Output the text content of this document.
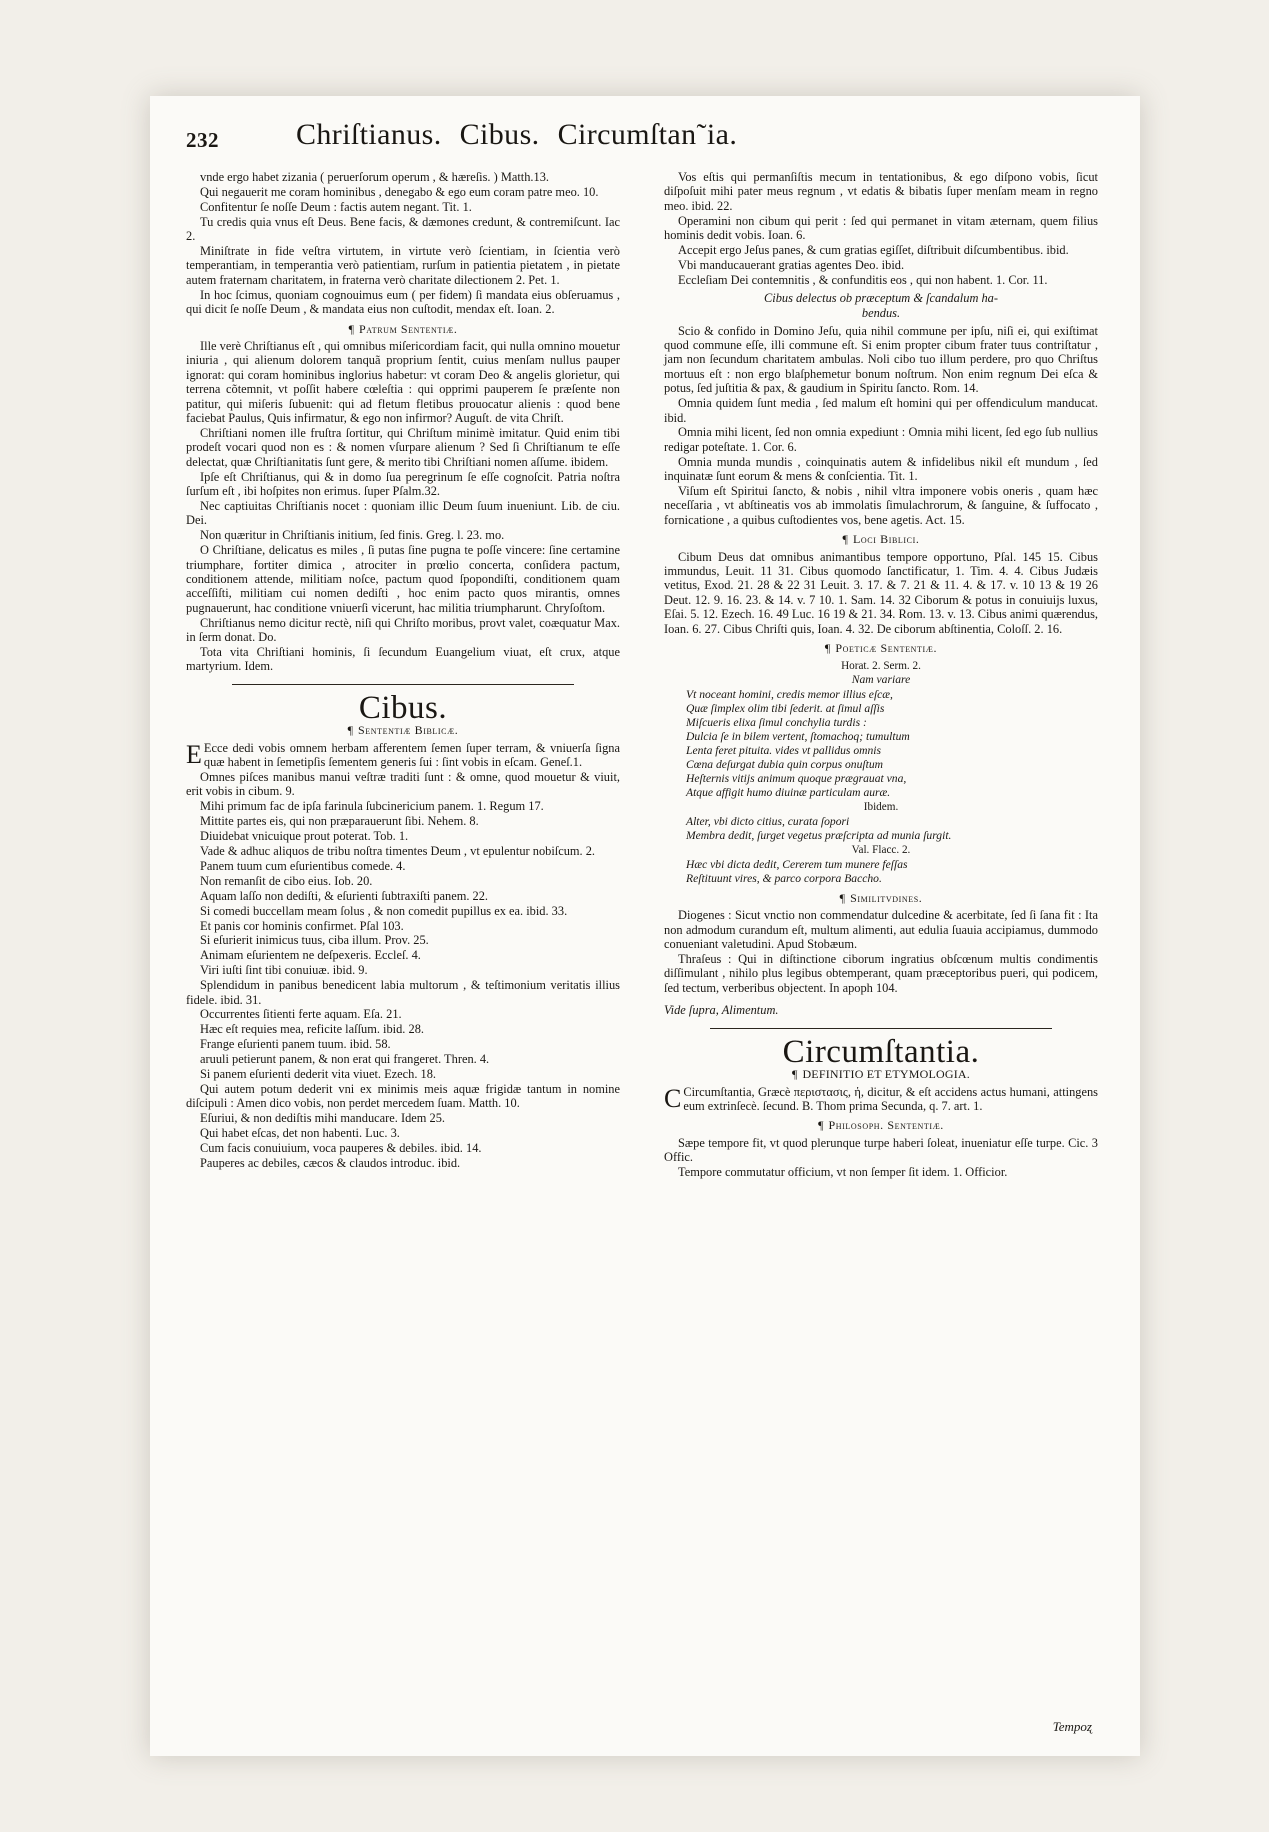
232	Chriſtianus. Cibus. Circumſtan˜ia.

vnde ergo habet zizania ( peruerſorum operum , & hæreſis. ) Matth.13.

Qui negauerit me coram hominibus , denegabo & ego eum coram patre meo. 10.

Confitentur ſe noſſe Deum : factis autem negant. Tit. 1.

Tu credis quia vnus eſt Deus. Bene facis, & dæmones credunt, & contremiſcunt. Iac 2.

Miniſtrate in fide veſtra virtutem, in virtute verò ſcientiam, in ſcientia verò temperantiam, in temperantia verò patientiam, rurſum in patientia pietatem , in pietate autem fraternam charitatem, in fraterna verò charitate dilectionem 2. Pet. 1.

In hoc ſcimus, quoniam cognouimus eum ( per fidem) ſi mandata eius obſeruamus , qui dicit ſe noſſe Deum , & mandata eius non cuſtodit, mendax eſt. Ioan. 2.

¶ Patrum Sententiæ.

Ille verè Chriſtianus eſt , qui omnibus miſericordiam facit, qui nulla omnino mouetur iniuria , qui alienum dolorem tanquã proprium ſentit, cuius menſam nullus pauper ignorat: qui coram hominibus inglorius habetur: vt coram Deo & angelis glorietur, qui terrena cõtemnit, vt poſſit habere cœleſtia : qui opprimi pauperem ſe præſente non patitur, qui miſeris ſubuenit: qui ad fletum fletibus prouocatur alienis : quod bene faciebat Paulus, Quis infirmatur, & ego non infirmor? Auguſt. de vita Chriſt.

Chriſtiani nomen ille fruſtra ſortitur, qui Chriſtum minimè imitatur. Quid enim tibi prodeſt vocari quod non es : & nomen vſurpare alienum ? Sed ſi Chriſtianum te eſſe delectat, quæ Chriſtianitatis ſunt gere, & merito tibi Chriſtiani nomen aſſume. ibidem.

Ipſe eſt Chriſtianus, qui & in domo ſua peregrinum ſe eſſe cognoſcit. Patria noſtra ſurſum eſt , ibi hoſpites non erimus. ſuper Pſalm.32.

Nec captiuitas Chriſtianis nocet : quoniam illic Deum ſuum inueniunt. Lib. de ciu. Dei.

Non quæritur in Chriſtianis initium, ſed finis. Greg. l. 23. mo.

O Chriſtiane, delicatus es miles , ſi putas ſine pugna te poſſe vincere: ſine certamine triumphare, fortiter dimica , atrociter in prœlio concerta, conſidera pactum, conditionem attende, militiam noſce, pactum quod ſpopondiſti, conditionem quam acceſſiſti, militiam cui nomen dediſti , hoc enim pacto quos mirantis, omnes pugnauerunt, hac conditione vniuerſi vicerunt, hac militia triumpharunt. Chryſoſtom.

Chriſtianus nemo dicitur rectè, niſi qui Chriſto moribus, provt valet, coæquatur Max. in ſerm donat. Do.

Tota vita Chriſtiani hominis, ſi ſecundum Euangelium viuat, eſt crux, atque martyrium. Idem.

Cibus.

¶ Sententiæ Biblicæ.

E Ecce dedi vobis omnem herbam afferentem ſemen ſuper terram, & vniuerſa ſigna quæ habent in ſemetipſis ſementem generis ſui : ſint vobis in eſcam. Geneſ.1.

Omnes piſces manibus manui veſtræ traditi ſunt : & omne, quod mouetur & viuit, erit vobis in cibum. 9.

Mihi primum fac de ipſa farinula ſubcinericium panem. 1. Regum 17.

Mittite partes eis, qui non præparauerunt ſibi. Nehem. 8.

Diuidebat vnicuique prout poterat. Tob. 1.

Vade & adhuc aliquos de tribu noſtra timentes Deum , vt epulentur nobiſcum. 2.

Panem tuum cum eſurientibus comede. 4.

Non remanſit de cibo eius. Iob. 20.

Aquam laſſo non dediſti, & eſurienti ſubtraxiſti panem. 22.

Si comedi buccellam meam ſolus , & non comedit pupillus ex ea. ibid. 33.

Et panis cor hominis confirmet. Pſal 103.

Si eſurierit inimicus tuus, ciba illum. Prov. 25.

Animam eſurientem ne deſpexeris. Eccleſ. 4.

Viri iuſti ſint tibi conuiuæ. ibid. 9.

Splendidum in panibus benedicent labia multorum , & teſtimonium veritatis illius fidele. ibid. 31.

Occurrentes ſitienti ferte aquam. Eſa. 21.

Hæc eſt requies mea, reficite laſſum. ibid. 28.

Frange eſurienti panem tuum. ibid. 58.

aruuli petierunt panem, & non erat qui frangeret. Thren. 4.

Si panem eſurienti dederit vita viuet. Ezech. 18.

Qui autem potum dederit vni ex minimis meis aquæ frigidæ tantum in nomine diſcipuli : Amen dico vobis, non perdet mercedem ſuam. Matth. 10.

Eſuriui, & non dediſtis mihi manducare. Idem 25.

Qui habet eſcas, det non habenti. Luc. 3.

Cum facis conuiuium, voca pauperes & debiles. ibid. 14.

Pauperes ac debiles, cæcos & claudos introduc. ibid.

Vos eſtis qui permanſiſtis mecum in tentationibus, & ego diſpono vobis, ſicut diſpoſuit mihi pater meus regnum , vt edatis & bibatis ſuper menſam meam in regno meo. ibid. 22.

Operamini non cibum qui perit : ſed qui permanet in vitam æternam, quem filius hominis dedit vobis. Ioan. 6.

Accepit ergo Jeſus panes, & cum gratias egiſſet, diſtribuit diſcumbentibus. ibid.

Vbi manducauerant gratias agentes Deo. ibid.

Eccleſiam Dei contemnitis , & confunditis eos , qui non habent. 1. Cor. 11.

Cibus delectus ob præceptum & ſcandalum ha-

bendus.

Scio & confido in Domino Jeſu, quia nihil commune per ipſu, niſi ei, qui exiſtimat quod commune eſſe, illi commune eſt. Si enim propter cibum frater tuus contriſtatur , jam non ſecundum charitatem ambulas. Noli cibo tuo illum perdere, pro quo Chriſtus mortuus eſt : non ergo blaſphemetur bonum noſtrum. Non enim regnum Dei eſca & potus, ſed juſtitia & pax, & gaudium in Spiritu ſancto. Rom. 14.

Omnia quidem ſunt media , ſed malum eſt homini qui per offendiculum manducat. ibid.

Omnia mihi licent, ſed non omnia expediunt : Omnia mihi licent, ſed ego ſub nullius redigar poteſtate. 1. Cor. 6.

Omnia munda mundis , coinquinatis autem & infidelibus nikil eſt mundum , ſed inquinatæ ſunt eorum & mens & conſcientia. Tit. 1.

Viſum eſt Spiritui ſancto, & nobis , nihil vltra imponere vobis oneris , quam hæc neceſſaria , vt abſtineatis vos ab immolatis ſimulachrorum, & ſanguine, & ſuffocato , fornicatione , a quibus cuſtodientes vos, bene agetis. Act. 15.

¶ Loci Biblici.

Cibum Deus dat omnibus animantibus tempore opportuno, Pſal. 145 15. Cibus immundus, Leuit. 11 31. Cibus quomodo ſanctificatur, 1. Tim. 4. 4. Cibus Judæis vetitus, Exod. 21. 28 & 22 31 Leuit. 3. 17. & 7. 21 & 11. 4. & 17. v. 10 13 & 19 26 Deut. 12. 9. 16. 23. & 14. v. 7 10. 1. Sam. 14. 32 Ciborum & potus in conuiuijs luxus, Eſai. 5. 12. Ezech. 16. 49 Luc. 16 19 & 21. 34. Rom. 13. v. 13. Cibus animi quærendus, Ioan. 6. 27. Cibus Chriſti quis, Ioan. 4. 32. De ciborum abſtinentia, Coloſſ. 2. 16.

¶ Poeticæ Sententiæ.

Horat. 2. Serm. 2.

Nam variare

Vt noceant homini, credis memor illius eſcæ,

Quæ ſimplex olim tibi ſederit. at ſimul aſſis

Miſcueris elixa ſimul conchylia turdis :

Dulcia ſe in bilem vertent, ſtomachoq; tumultum

Lenta feret pituita. vides vt pallidus omnis

Cœna deſurgat dubia quin corpus onuſtum

Heſternis vitijs animum quoque prægrauat vna,

Atque affigit humo diuinæ particulam auræ.

Ibidem.

Alter, vbi dicto citius, curata ſopori

Membra dedit, ſurget vegetus præſcripta ad munia ſurgit.

Val. Flacc. 2.

Hæc vbi dicta dedit, Cererem tum munere feſſas

Reſtituunt vires, & parco corpora Baccho.

¶ Similitvdines.

Diogenes : Sicut vnctio non commendatur dulcedine & acerbitate, ſed ſi ſana fit : Ita non admodum curandum eſt, multum alimenti, aut edulia ſuauia accipiamus, dummodo conueniant valetudini. Apud Stobæum.

Thraſeus : Qui in diſtinctione ciborum ingratius obſcœnum multis condimentis diſſimulant , nihilo plus legibus obtemperant, quam præceptoribus pueri, qui podicem, ſed tectum, verberibus objectent. In apoph 104.

Vide ſupra, Alimentum.

Circumſtantia.

¶ DEFINITIO ET ETYMOLOGIA.

C Circumſtantia, Græcè περιστασις, ἡ, dicitur, & eſt accidens actus humani, attingens eum extrinſecè. ſecund. B. Thom prima Secunda, q. 7. art. 1.

¶ Philosoph. Sententiæ.

Sæpe tempore fit, vt quod plerunque turpe haberi ſoleat, inueniatur eſſe turpe. Cic. 3 Offic.

Tempore commutatur officium, vt non ſemper ſit idem. 1. Officior.

Tempoʐ
